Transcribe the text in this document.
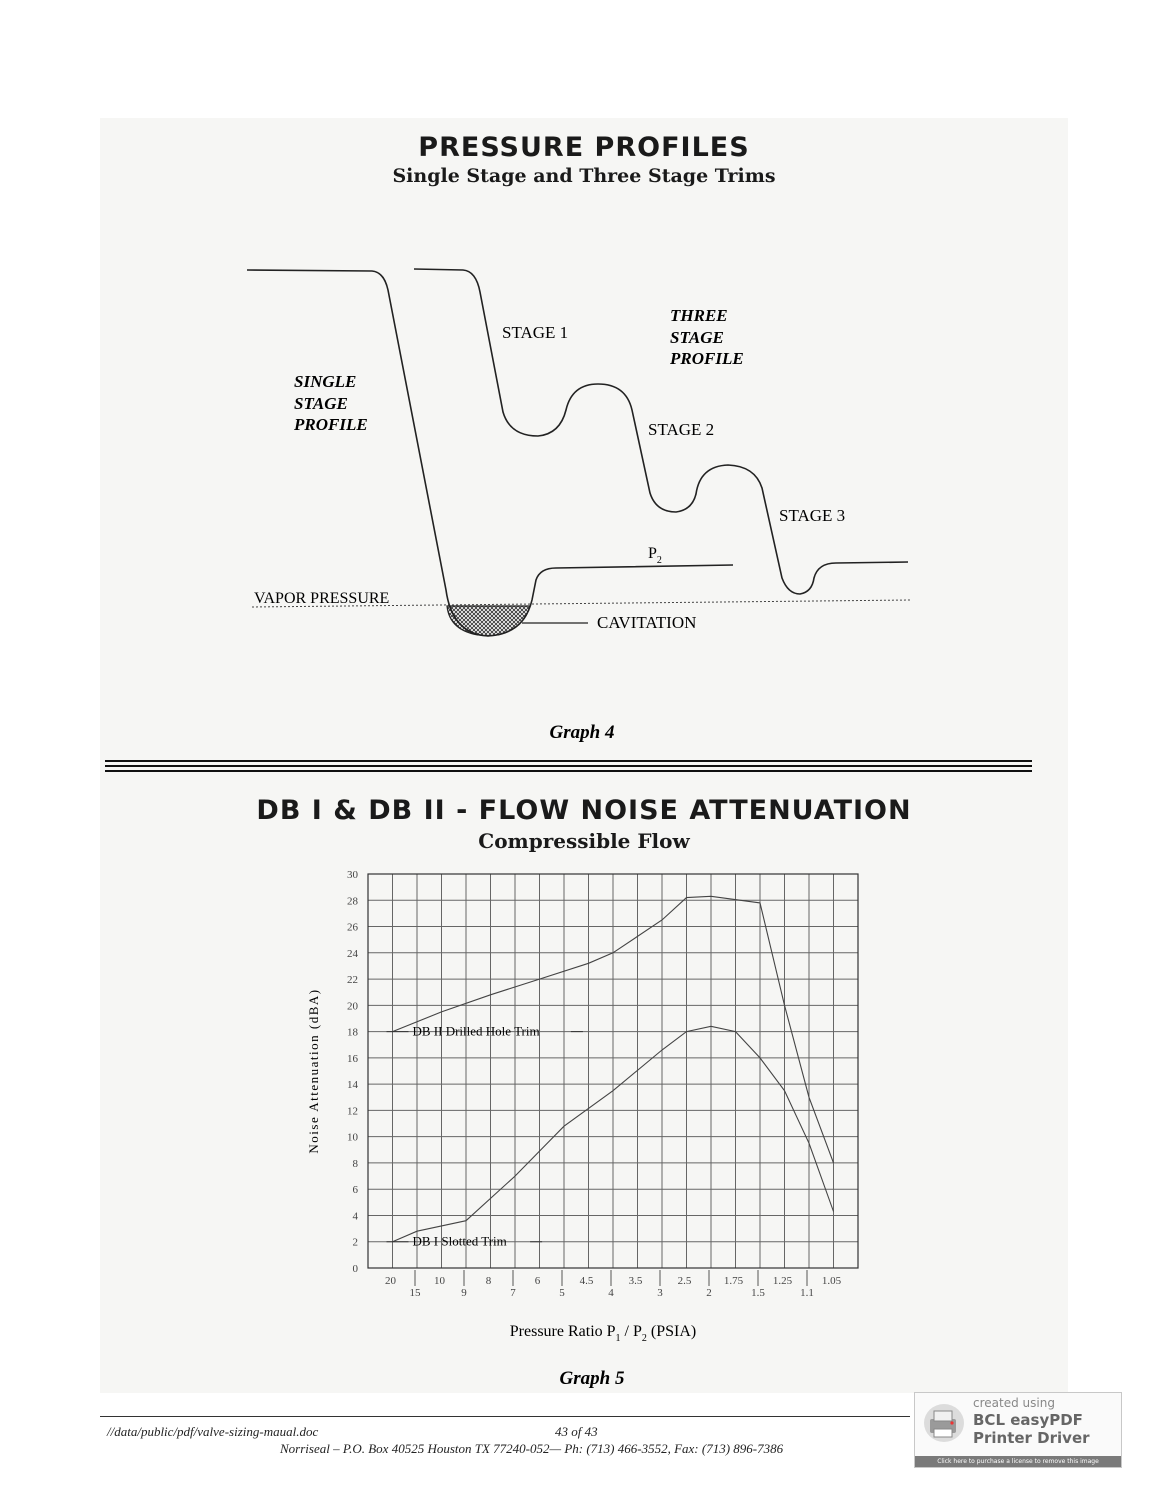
PRESSURE PROFILES
Single Stage and Three Stage Trims
SINGLE
STAGE
PROFILE
THREE
STAGE
PROFILE
STAGE 1
STAGE 2
STAGE 3
$P_2$
VAPOR PRESSURE
CAVITATION
Graph 4
DB I & DB II - FLOW NOISE ATTENUATION
Compressible Flow
0
2
4
6
8
10
12
14
16
18
20
22
24
26
28
30
20	10	8	6	4.5	3.5	2.5	1.75	1.25	1.05
15	9	7	5	4	3	2	1.5	1.1
DB II Drilled Hole Trim
DB I Slotted Trim
Noise Attenuation (dBA)
Pressure Ratio $P_1 / P_2$ (PSIA)
Graph 5
//data/public/pdf/valve-sizing-maual.doc	43 of 43
Norriseal – P.O. Box 40525 Houston TX 77240-052— Ph: (713) 466-3552, Fax: (713) 896-7386
created using
BCL easyPDF
Printer Driver
Click here to purchase a license to remove this image
